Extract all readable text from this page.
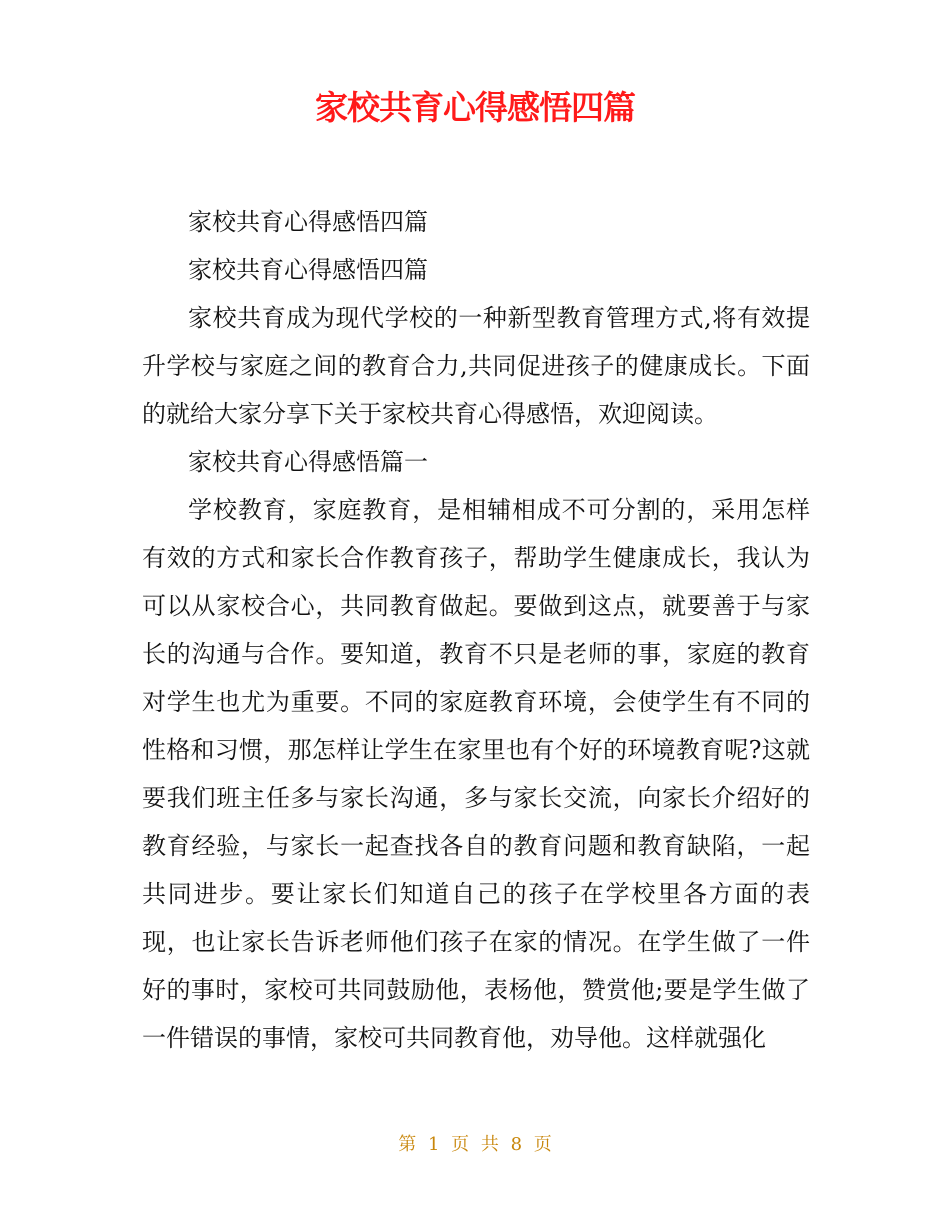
家校共育心得感悟四篇

家校共育心得感悟四篇

家校共育心得感悟四篇

家校共育成为现代学校的一种新型教育管理方式,将有效提升学校与家庭之间的教育合力,共同促进孩子的健康成长。下面的就给大家分享下关于家校共育心得感悟，欢迎阅读。

家校共育心得感悟篇一

学校教育，家庭教育，是相辅相成不可分割的，采用怎样有效的方式和家长合作教育孩子，帮助学生健康成长，我认为可以从家校合心，共同教育做起。要做到这点，就要善于与家长的沟通与合作。要知道，教育不只是老师的事，家庭的教育对学生也尤为重要。不同的家庭教育环境，会使学生有不同的性格和习惯，那怎样让学生在家里也有个好的环境教育呢?这就要我们班主任多与家长沟通，多与家长交流，向家长介绍好的教育经验，与家长一起查找各自的教育问题和教育缺陷，一起共同进步。要让家长们知道自己的孩子在学校里各方面的表现，也让家长告诉老师他们孩子在家的情况。在学生做了一件好的事时，家校可共同鼓励他，表杨他，赞赏他;要是学生做了一件错误的事情，家校可共同教育他，劝导他。这样就强化

第 1 页 共 8 页
